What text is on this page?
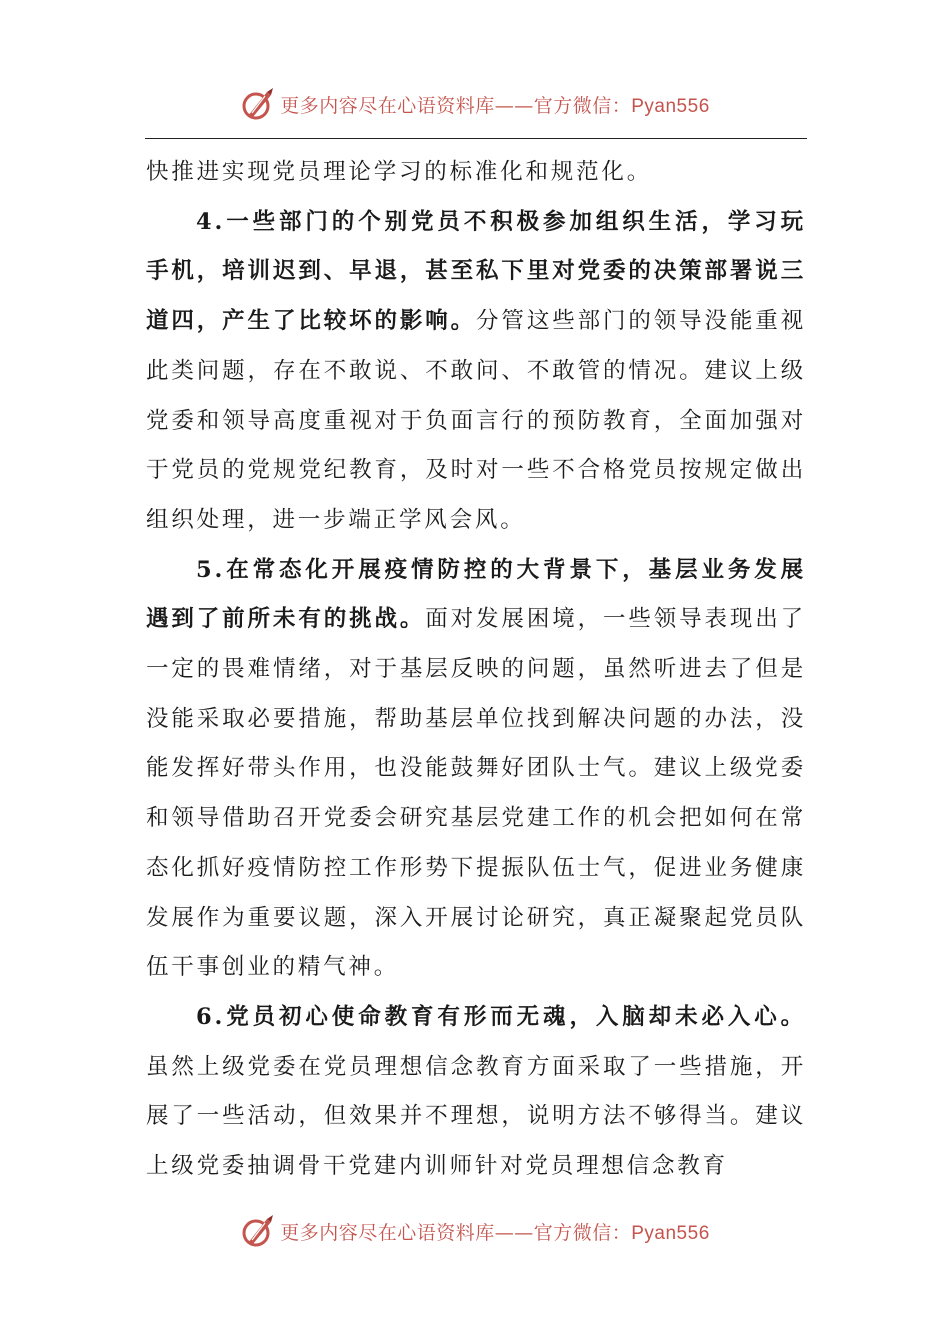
更多内容尽在心语资料库——官方微信：Pyan556

快推进实现党员理论学习的标准化和规范化。

4.一些部门的个别党员不积极参加组织生活，学习玩手机，培训迟到、早退，甚至私下里对党委的决策部署说三道四，产生了比较坏的影响。分管这些部门的领导没能重视此类问题，存在不敢说、不敢问、不敢管的情况。建议上级党委和领导高度重视对于负面言行的预防教育，全面加强对于党员的党规党纪教育，及时对一些不合格党员按规定做出组织处理，进一步端正学风会风。

5.在常态化开展疫情防控的大背景下，基层业务发展遇到了前所未有的挑战。面对发展困境，一些领导表现出了一定的畏难情绪，对于基层反映的问题，虽然听进去了但是没能采取必要措施，帮助基层单位找到解决问题的办法，没能发挥好带头作用，也没能鼓舞好团队士气。建议上级党委和领导借助召开党委会研究基层党建工作的机会把如何在常态化抓好疫情防控工作形势下提振队伍士气，促进业务健康发展作为重要议题，深入开展讨论研究，真正凝聚起党员队伍干事创业的精气神。

6.党员初心使命教育有形而无魂，入脑却未必入心。虽然上级党委在党员理想信念教育方面采取了一些措施，开展了一些活动，但效果并不理想，说明方法不够得当。建议上级党委抽调骨干党建内训师针对党员理想信念教育

更多内容尽在心语资料库——官方微信：Pyan556
